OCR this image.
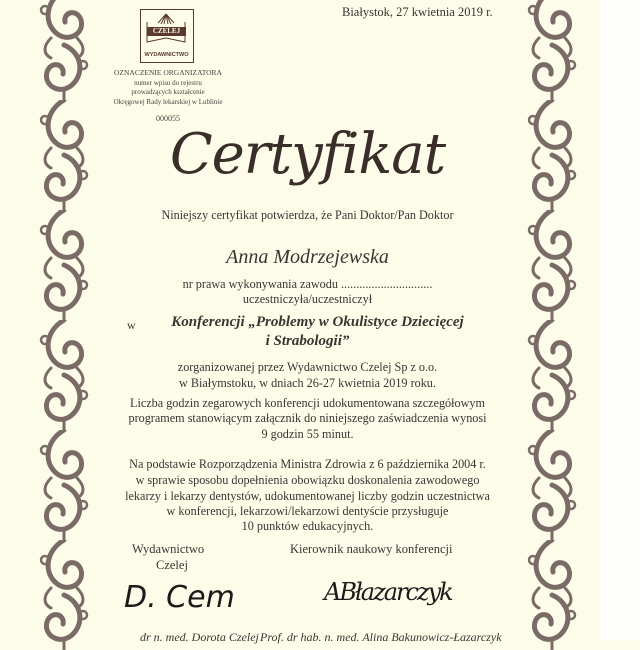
Białystok, 27 kwietnia 2019 r.
CZELEJ
WYDAWNICTWO
OZNACZENIE ORGANIZATORA
numer wpisu do rejestru
prowadzących kształcenie
Okręgowej Rady lekarskiej w Lublinie
000055
Certyfikat
Niniejszy certyfikat potwierdza, że Pani Doktor/Pan Doktor
Anna Modrzejewska
nr prawa wykonywania zawodu ..............................
uczestniczyła/uczestniczył
w	Konferencji „Problemy w Okulistyce Dziecięcej
i Strabologii”
zorganizowanej przez Wydawnictwo Czelej Sp z o.o.
w Białymstoku, w dniach 26-27 kwietnia 2019 roku.
Liczba godzin zegarowych konferencji udokumentowana szczegółowym
programem stanowiącym załącznik do niniejszego zaświadczenia wynosi
9 godzin 55 minut.
Na podstawie Rozporządzenia Ministra Zdrowia z 6 października 2004 r.
w sprawie sposobu dopełnienia obowiązku doskonalenia zawodowego
lekarzy i lekarzy dentystów, udokumentowanej liczby godzin uczestnictwa
w konferencji, lekarzowi/lekarzowi dentyście przysługuje
10 punktów edukacyjnych.
Wydawnictwo
Czelej
Kierownik naukowy konferencji
D. Cem	ABłazarczyk
dr n. med. Dorota Czelej Prof. dr hab. n. med. Alina Bakunowicz-Łazarczyk
